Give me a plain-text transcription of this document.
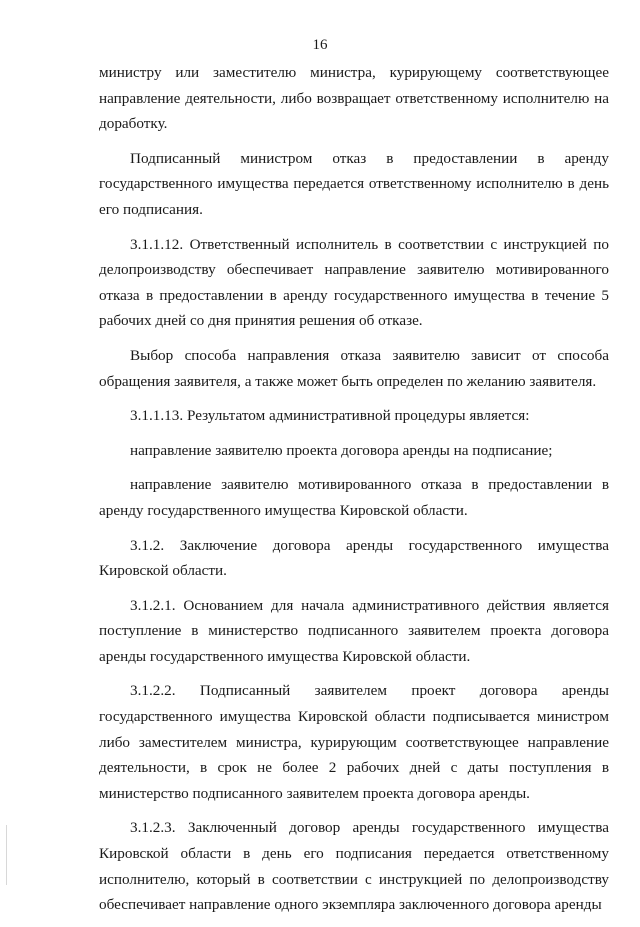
16

министру или заместителю министра, курирующему соответствующее направление деятельности, либо возвращает ответственному исполнителю на доработку.

Подписанный министром отказ в предоставлении в аренду государственного имущества передается ответственному исполнителю в день его подписания.

3.1.1.12. Ответственный исполнитель в соответствии с инструкцией по делопроизводству обеспечивает направление заявителю мотивированного отказа в предоставлении в аренду государственного имущества в течение 5 рабочих дней со дня принятия решения об отказе.

Выбор способа направления отказа заявителю зависит от способа обращения заявителя, а также может быть определен по желанию заявителя.

3.1.1.13. Результатом административной процедуры является:

направление заявителю проекта договора аренды на подписание;

направление заявителю мотивированного отказа в предоставлении в аренду государственного имущества Кировской области.

3.1.2. Заключение договора аренды государственного имущества Кировской области.

3.1.2.1. Основанием для начала административного действия является поступление в министерство подписанного заявителем проекта договора аренды государственного имущества Кировской области.

3.1.2.2. Подписанный заявителем проект договора аренды государственного имущества Кировской области подписывается министром либо заместителем министра, курирующим соответствующее направление деятельности, в срок не более 2 рабочих дней с даты поступления в министерство подписанного заявителем проекта договора аренды.

3.1.2.3. Заключенный договор аренды государственного имущества Кировской области в день его подписания передается ответственному исполнителю, который в соответствии с инструкцией по делопроизводству обеспечивает направление одного экземпляра заключенного договора аренды
